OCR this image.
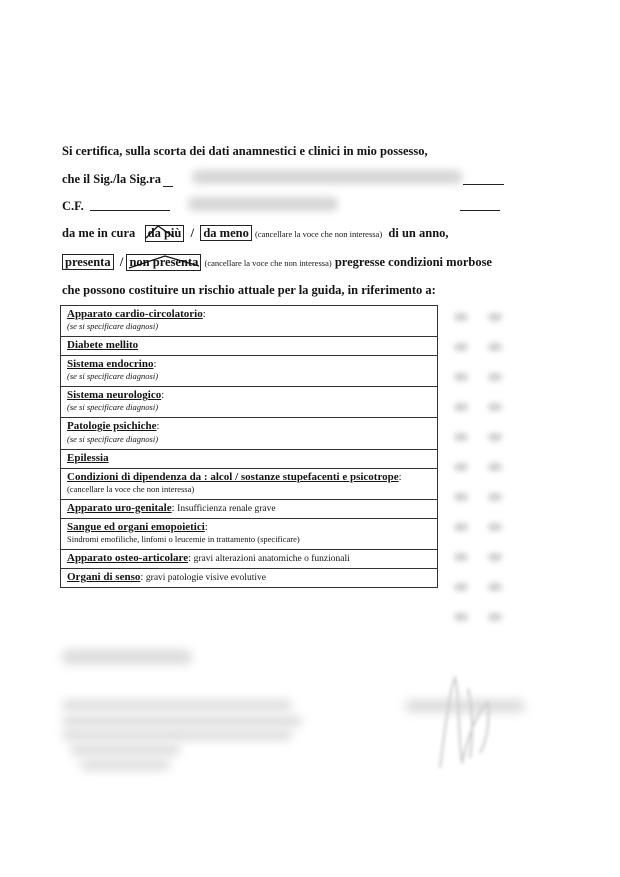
Si certifica, sulla scorta dei dati anamnestici e clinici in mio possesso,
che il Sig./la Sig.ra
C.F.
da me in cura da più / da meno (cancellare la voce che non interessa) di un anno,
presenta / non presenta (cancellare la voce che non interessa) pregresse condizioni morbose
che possono costituire un rischio attuale per la guida, in riferimento a:
Apparato cardio-circolatorio:
(se si specificare diagnosi)
Diabete mellito
Sistema endocrino:
(se si specificare diagnosi)
Sistema neurologico:
(se si specificare diagnosi)
Patologie psichiche:
(se si specificare diagnosi)
Epilessia
Condizioni di dipendenza da : alcol / sostanze stupefacenti e psicotrope:
(cancellare la voce che non interessa)
Apparato uro-genitale: Insufficienza renale grave
Sangue ed organi emopoietici:
Sindromi emofiliche, linfomi o leucemie in trattamento (specificare)
Apparato osteo-articolare: gravi alterazioni anatomiche o funzionali
Organi di senso: gravi patologie visive evolutive
